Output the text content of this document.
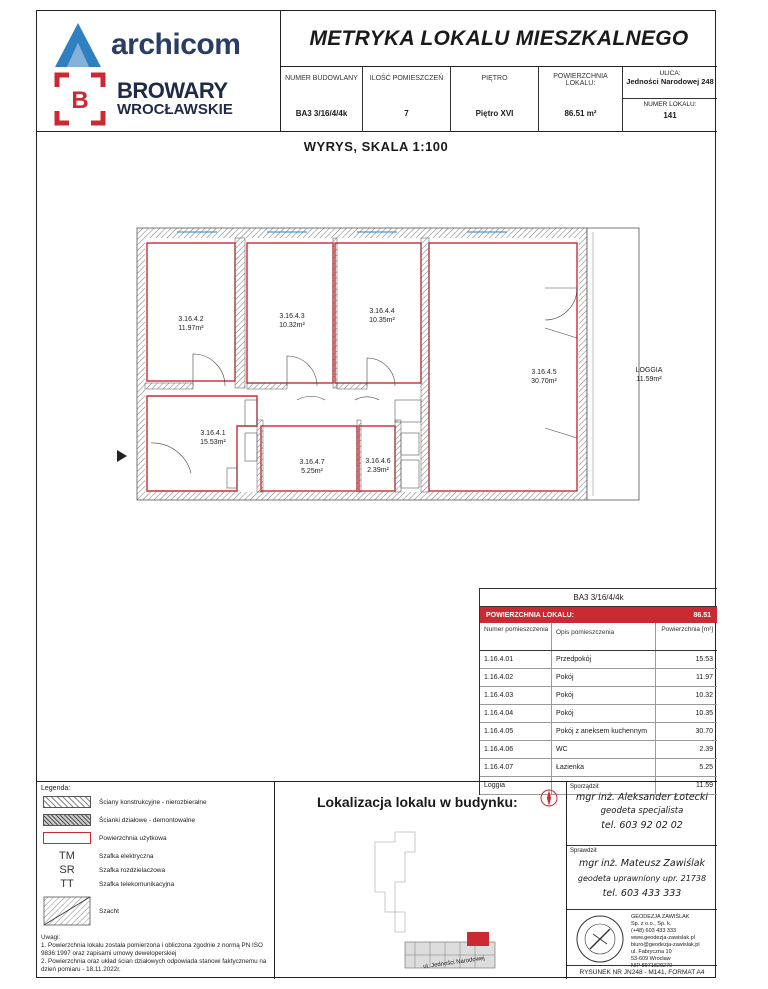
archicom
B BROWARY
WROCŁAWSKIE
METRYKA LOKALU MIESZKALNEGO
NUMER BUDOWLANY
BA3 3/16/4/4k
ILOŚĆ POMIESZCZEŃ
7
PIĘTRO
Piętro XVI
POWIERZCHNIA LOKALU:
86.51 m²
ULICA:
Jedności Narodowej 248
NUMER LOKALU:
141
WYRYS, SKALA 1:100
3.16.4.2
11.97m²
3.16.4.3
10.32m²
3.16.4.4
10.35m²
3.16.4.5
30.70m²
LOGGIA
11.59m²
3.16.4.1
15.53m²
3.16.4.7
5.25m²
3.16.4.6
2.39m²
BA3 3/16/4/4k
POWIERZCHNIA LOKALU:	86.51
Numer pomieszczenia	Opis pomieszczenia	Powierzchnia [m²]
1.16.4.01	Przedpokój	15.53
1.16.4.02	Pokój	11.97
1.16.4.03	Pokój	10.32
1.16.4.04	Pokój	10.35
1.16.4.05	Pokój z aneksem kuchennym	30.70
1.16.4.06	WC	2.39
1.16.4.07	Łazienka	5.25
Loggia	11.59
Legenda:
Ściany konstrukcyjne - nierozbieralne
Ścianki działowe - demontowalne
Powierzchnia użytkowa
TM	Szafka elektryczna
SR	Szafka rozdzielaczowa
TT	Szafka telekomunikacyjna
Szacht
Uwagi:
1. Powierzchnia lokalu została pomierzona i obliczona zgodnie z normą PN ISO 9836:1997 oraz zapisami umowy deweloperskiej
2. Powierzchnia oraz układ ścian działowych odpowiada stanowi faktycznemu na dzień pomiaru - 18.11.2022r.
Lokalizacja lokalu w budynku:
ul. Jedności Narodowej
Sporządził:
mgr inż. Aleksander Łotecki
geodeta specjalista
tel. 603 92 02 02
Sprawdził:
mgr inż. Mateusz Zawiślak
geodeta uprawniony upr. 21738
tel. 603 433 333
GEODEZJA ZAWIŚLAK
Sp. z o.o., Sp. k.
(+48) 603 433 333
www.geodezja-zawislak.pl
biuro@geodezja-zawislak.pl
ul. Fabryczna 10
53-609 Wrocław
NIP 8971820270
RYSUNEK NR JN248 - M141, FORMAT A4
